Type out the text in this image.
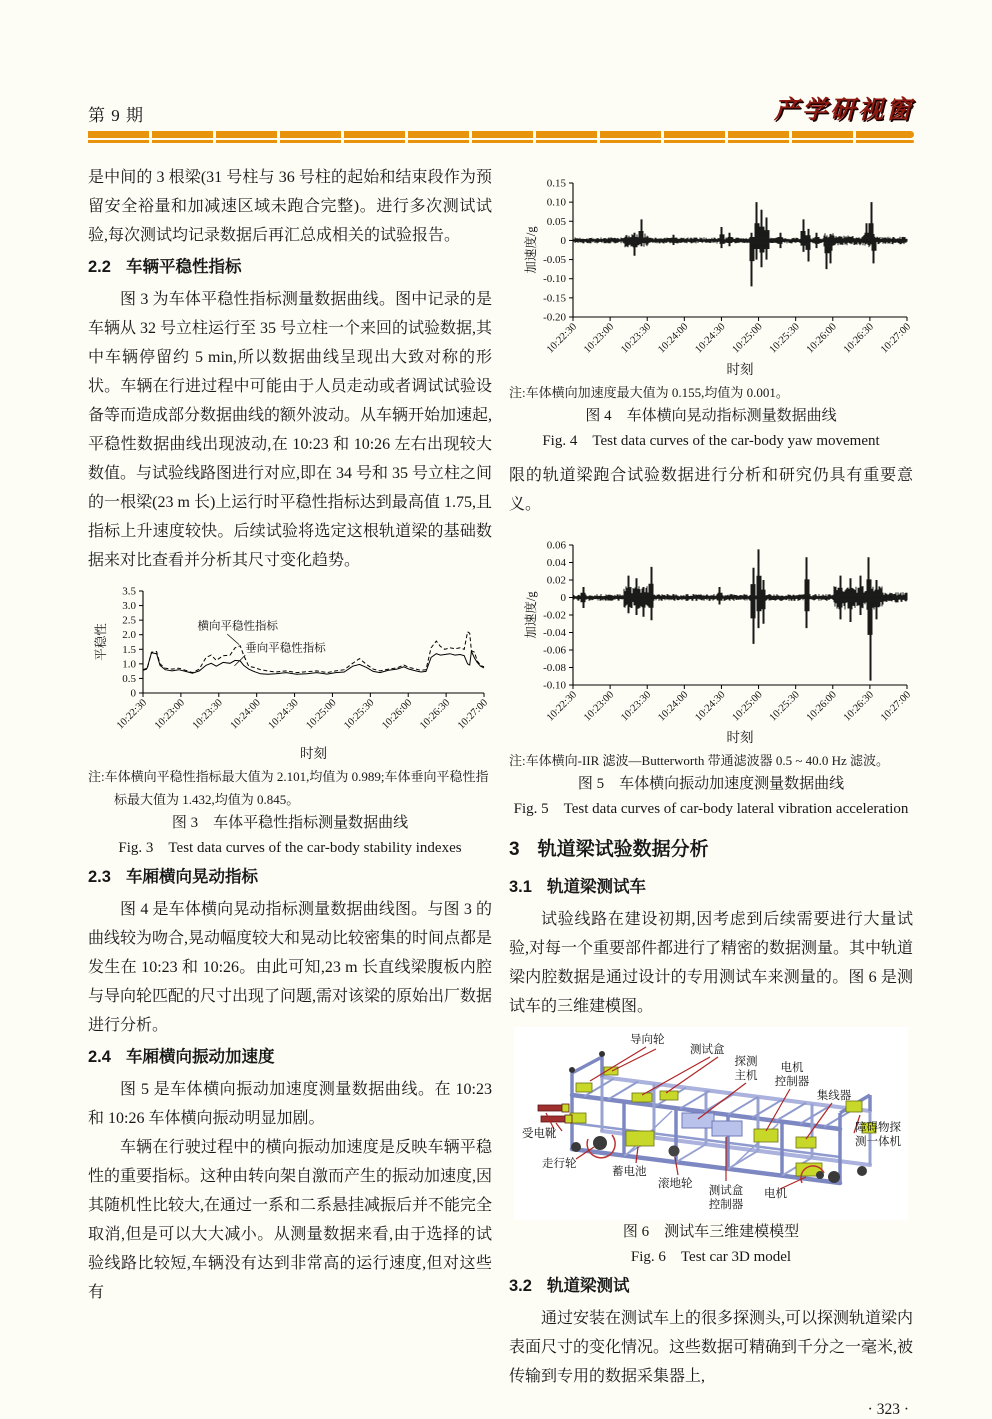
第 9 期	产学研视窗

是中间的 3 根梁(31 号柱与 36 号柱的起始和结束段作为预留安全裕量和加减速区域未跑合完整)。进行多次测试试验,每次测试均记录数据后再汇总成相关的试验报告。

2.2 车辆平稳性指标

图 3 为车体平稳性指标测量数据曲线。图中记录的是车辆从 32 号立柱运行至 35 号立柱一个来回的试验数据,其中车辆停留约 5 min,所以数据曲线呈现出大致对称的形状。车辆在行进过程中可能由于人员走动或者调试试验设备等而造成部分数据曲线的额外波动。从车辆开始加速起,平稳性数据曲线出现波动,在 10:23 和 10:26 左右出现较大数值。与试验线路图进行对应,即在 34 号和 35 号立柱之间的一根梁(23 m 长)上运行时平稳性指标达到最高值 1.75,且指标上升速度较快。后续试验将选定这根轨道梁的基础数据来对比查看并分析其尺寸变化趋势。

0
0.5
1.0
1.5
2.0
2.5
3.0
3.5
10:22:30 10:23:00 10:23:30 10:24:00 10:24:30 10:25:00 10:25:30 10:26:00 10:26:30 10:27:00
平稳性
时刻
横向平稳性指标
垂向平稳性指标
注:车体横向平稳性指标最大值为 2.101,均值为 0.989;车体垂向平稳性指标最大值为 1.432,均值为 0.845。
图 3　车体平稳性指标测量数据曲线
Fig. 3　Test data curves of the car-body stability indexes
2.3 车厢横向晃动指标

图 4 是车体横向晃动指标测量数据曲线图。与图 3 的曲线较为吻合,晃动幅度较大和晃动比较密集的时间点都是发生在 10:23 和 10:26。由此可知,23 m 长直线梁腹板内腔与导向轮匹配的尺寸出现了问题,需对该梁的原始出厂数据进行分析。

2.4 车厢横向振动加速度

图 5 是车体横向振动加速度测量数据曲线。在 10:23 和 10:26 车体横向振动明显加剧。

车辆在行驶过程中的横向振动加速度是反映车辆平稳性的重要指标。这种由转向架自激而产生的振动加速度,因其随机性比较大,在通过一系和二系悬挂减振后并不能完全取消,但是可以大大减小。从测量数据来看,由于选择的试验线路比较短,车辆没有达到非常高的运行速度,但对这些有

0.15
0.10
0.05
0
-0.05
-0.10
-0.15
-0.20
10:22:30 10:23:00 10:23:30 10:24:00 10:24:30 10:25:00 10:25:30 10:26:00 10:26:30 10:27:00
加速度/g
时刻
注:车体横向加速度最大值为 0.155,均值为 0.001。
图 4　车体横向晃动指标测量数据曲线
Fig. 4　Test data curves of the car-body yaw movement

限的轨道梁跑合试验数据进行分析和研究仍具有重要意义。

0.06
0.04
0.02
0
-0.02
-0.04
-0.06
-0.08
-0.10
10:22:30 10:23:00 10:23:30 10:24:00 10:24:30 10:25:00 10:25:30 10:26:00 10:26:30 10:27:00
加速度/g
时刻
注:车体横向-IIR 滤波—Butterworth 带通滤波器 0.5 ~ 40.0 Hz 滤波。
图 5　车体横向振动加速度测量数据曲线
Fig. 5　Test data curves of car-body lateral vibration acceleration
3 轨道梁试验数据分析
3.1 轨道梁测试车

试验线路在建设初期,因考虑到后续需要进行大量试验,对每一个重要部件都进行了精密的数据测量。其中轨道梁内腔数据是通过设计的专用测试车来测量的。图 6 是测试车的三维建模图。

导向轮
测试盒
探测
主机
电机
控制器
集线器
受电靴
走行轮
蓄电池
滚地轮
测试盒
控制器
电机
障碍物探
测一体机
图 6　测试车三维建模模型
Fig. 6　Test car 3D model
3.2 轨道梁测试

通过安装在测试车上的很多探测头,可以探测轨道梁内表面尺寸的变化情况。这些数据可精确到千分之一毫米,被传输到专用的数据采集器上,

· 323 ·
